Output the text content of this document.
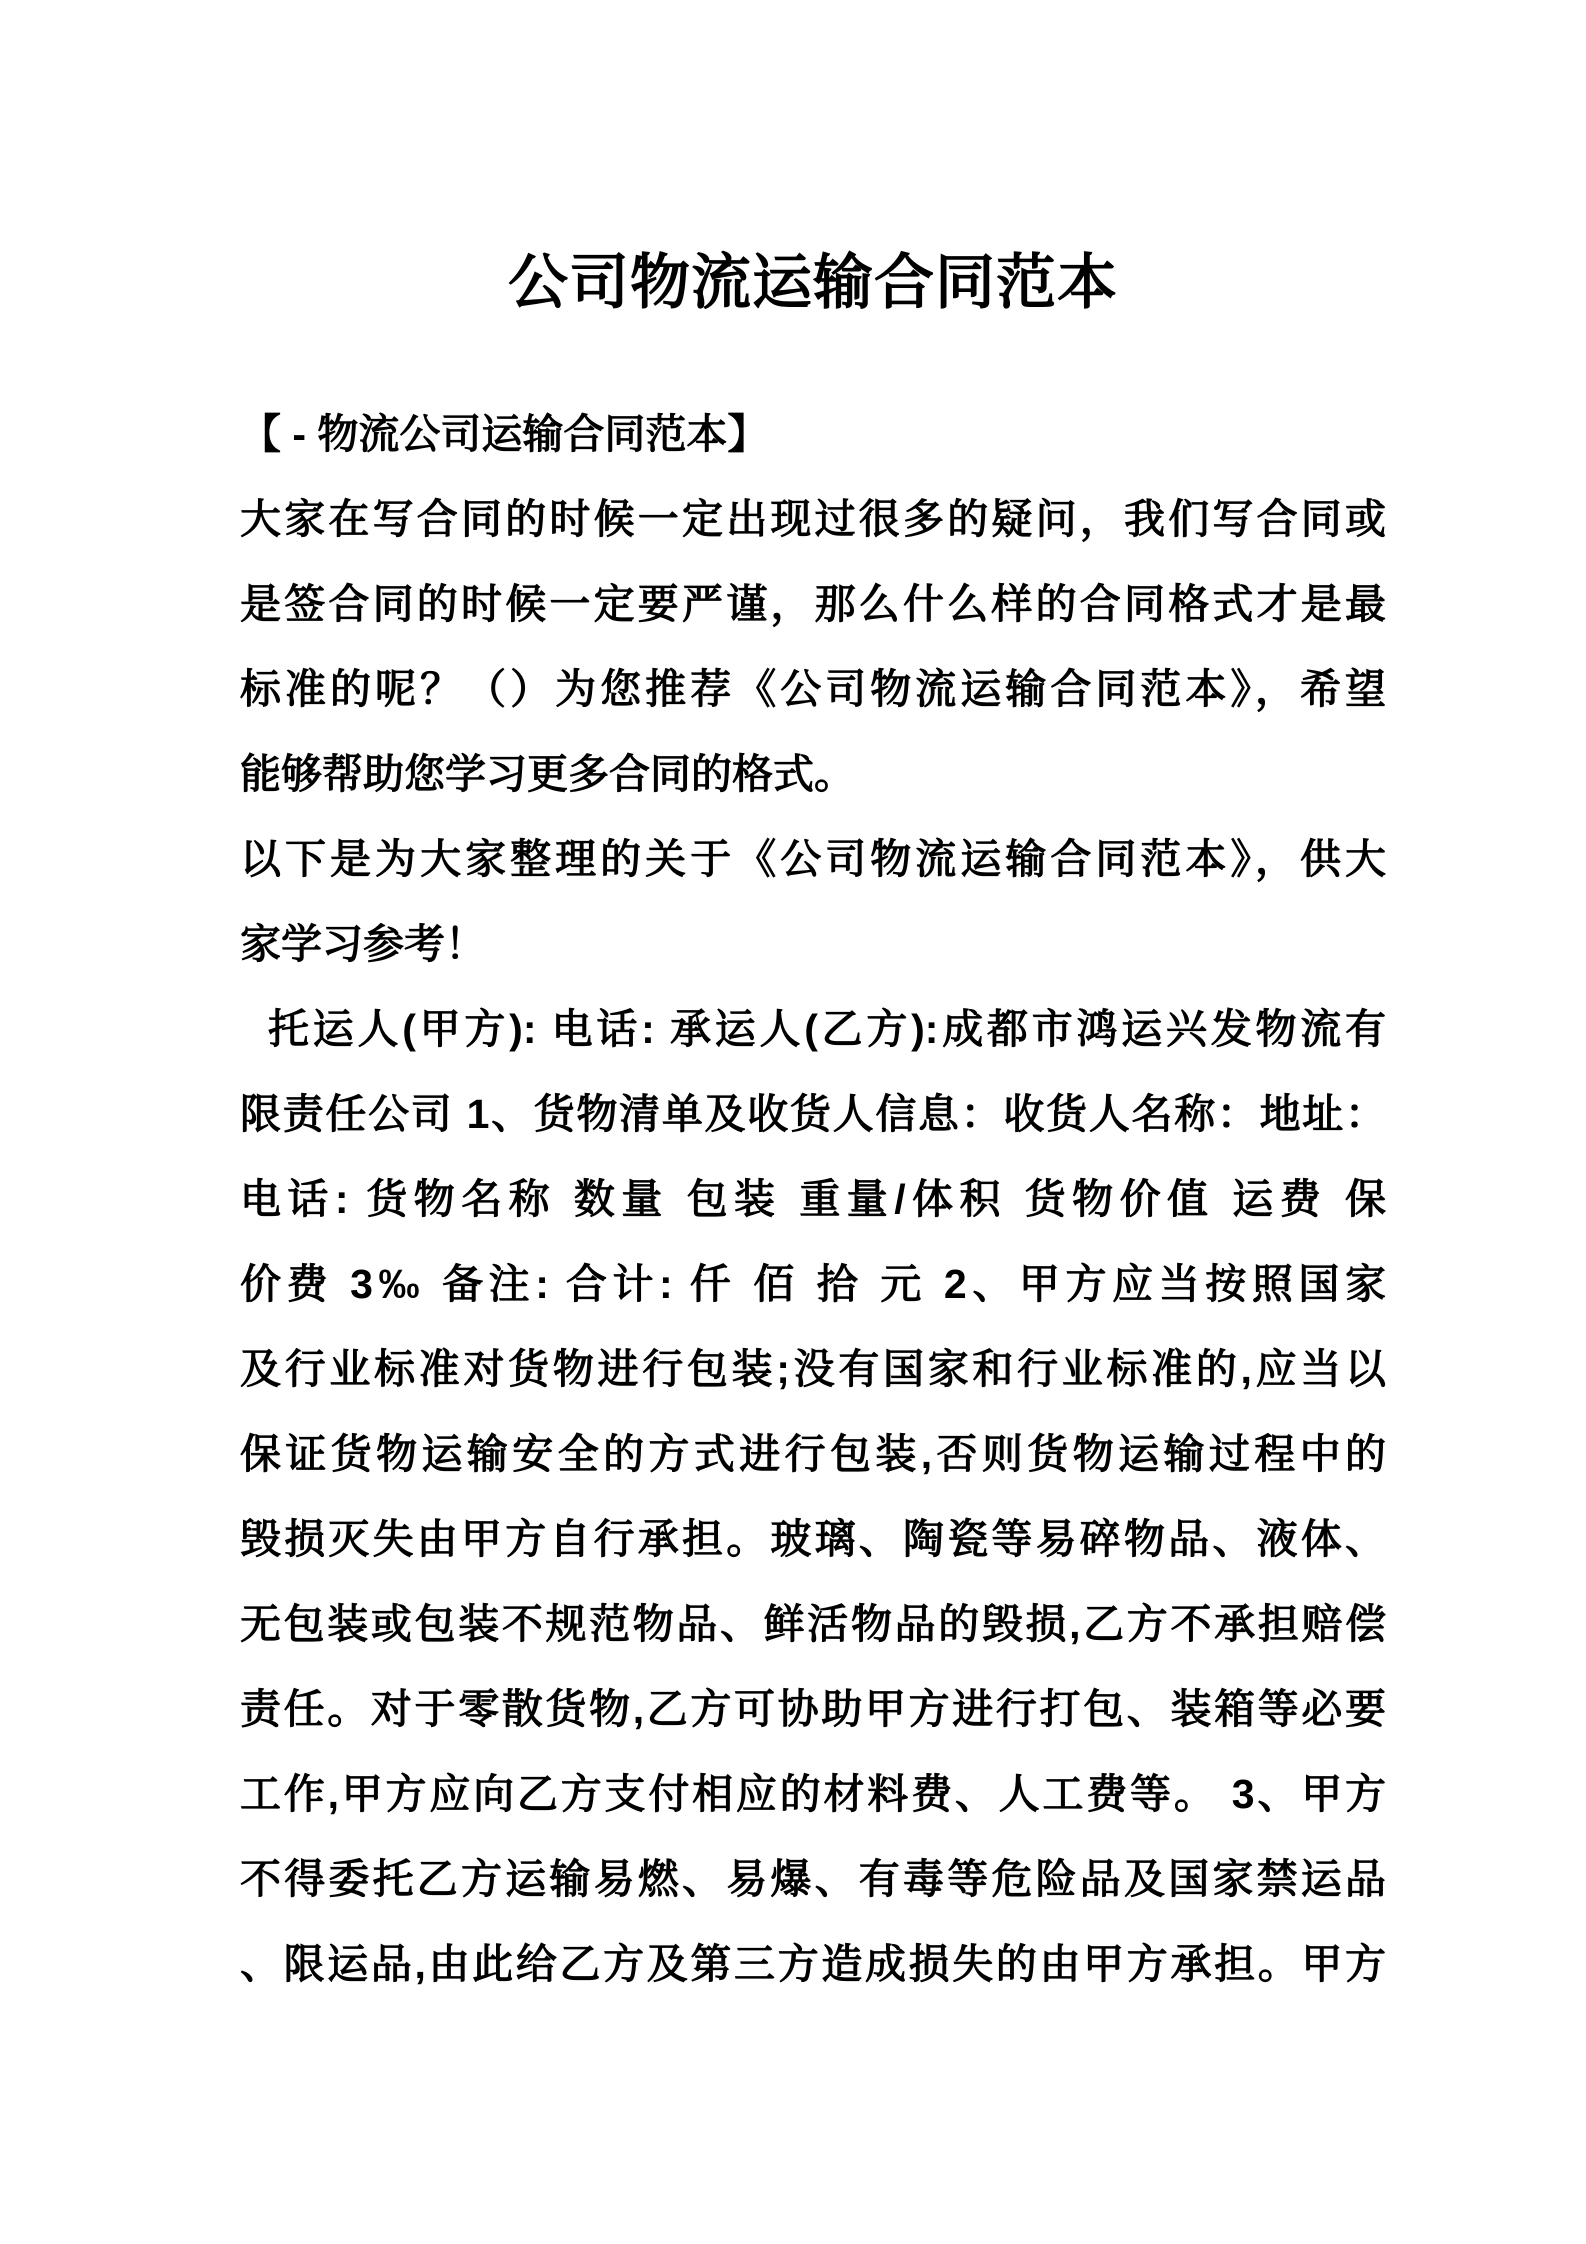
公司物流运输合同范本
【 - 物流公司运输合同范本】
大家在写合同的时候一定出现过很多的疑问，我们写合同或
是签合同的时候一定要严谨，那么什么样的合同格式才是最
标准的呢？（）为您推荐《公司物流运输合同范本》，希望
能够帮助您学习更多合同的格式。
以下是为大家整理的关于《公司物流运输合同范本》，供大
家学习参考！
托运人(甲方): 电话: 承运人(乙方):成都市鸿运兴发物流有
限责任公司 1、货物清单及收货人信息：收货人名称：地址：
电话: 货物名称 数量 包装 重量/体积 货物价值 运费 保
价费 3‰ 备注: 合计: 仟 佰 拾 元 2、甲方应当按照国家
及行业标准对货物进行包装;没有国家和行业标准的,应当以
保证货物运输安全的方式进行包装,否则货物运输过程中的
毁损灭失由甲方自行承担。玻璃、陶瓷等易碎物品、液体、
无包装或包装不规范物品、鲜活物品的毁损,乙方不承担赔偿
责任。对于零散货物,乙方可协助甲方进行打包、装箱等必要
工作,甲方应向乙方支付相应的材料费、人工费等。 3、甲方
不得委托乙方运输易燃、易爆、有毒等危险品及国家禁运品
、限运品,由此给乙方及第三方造成损失的由甲方承担。甲方
